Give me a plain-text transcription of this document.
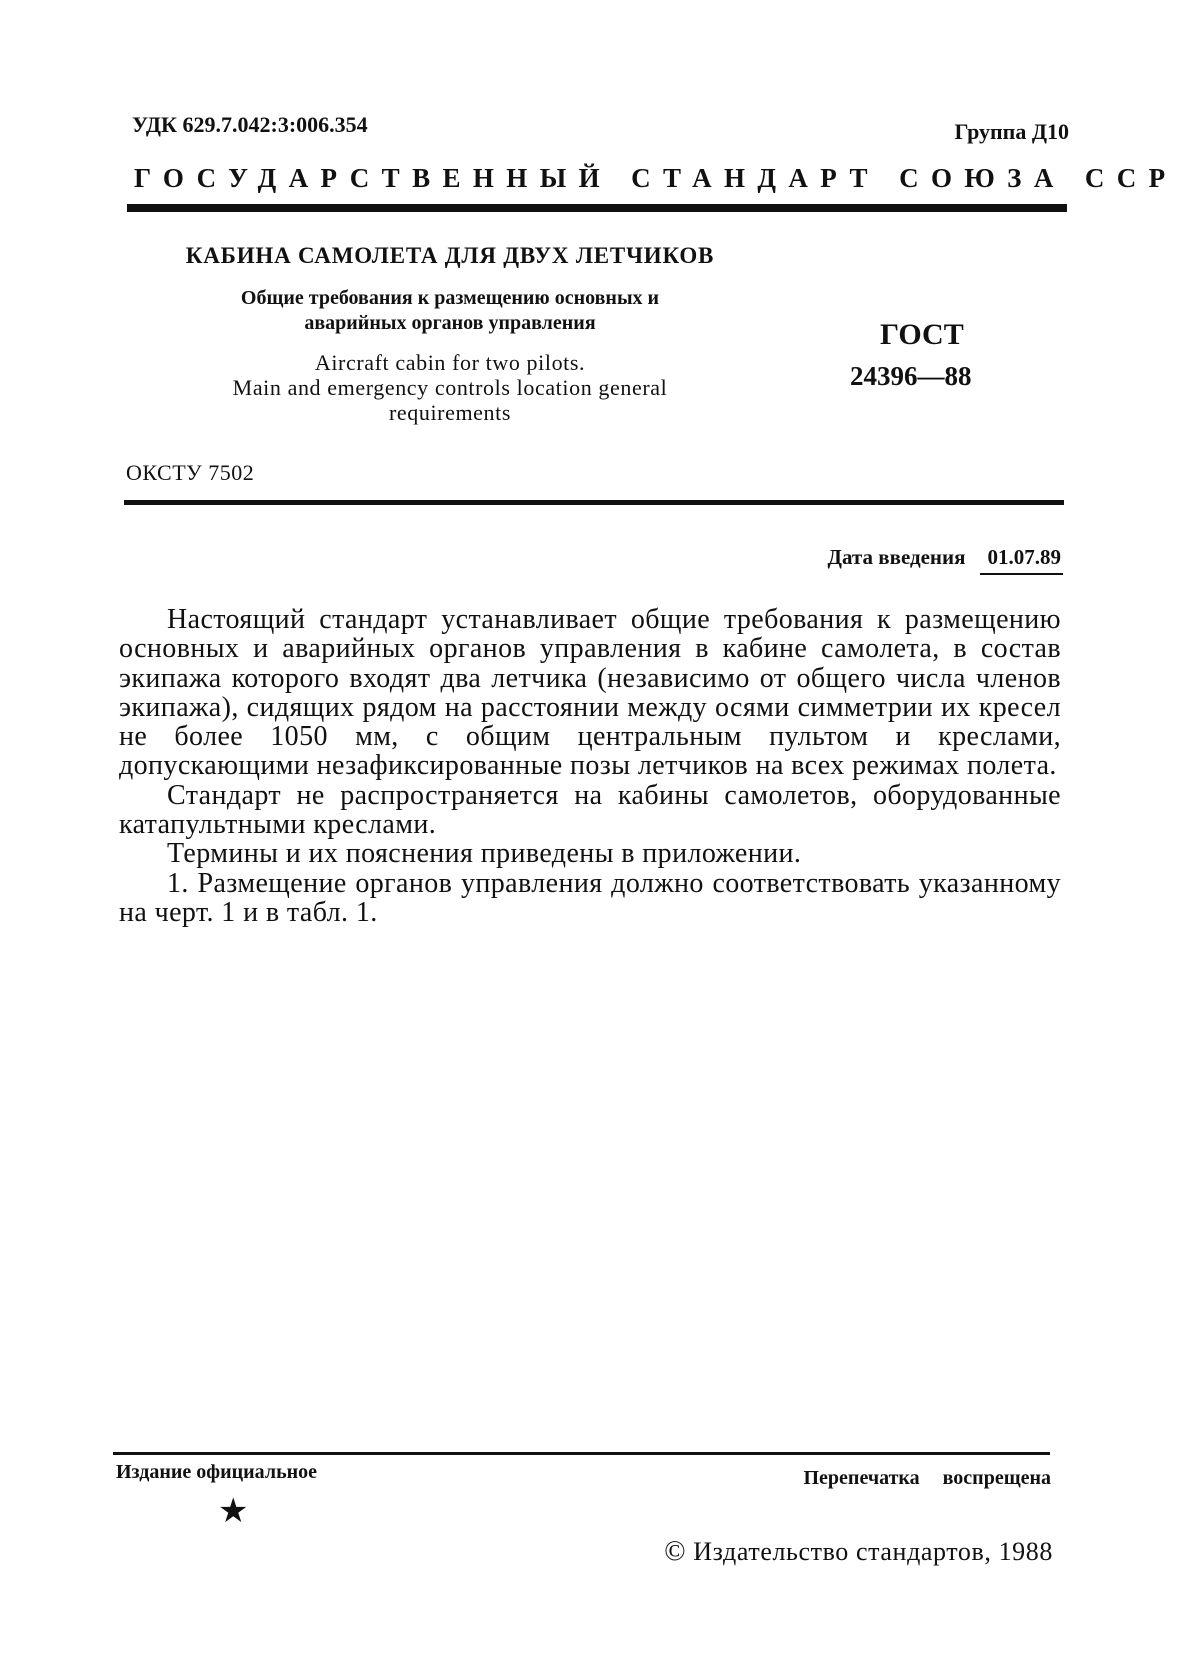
УДК 629.7.042:3:006.354	Группа Д10
ГОСУДАРСТВЕННЫЙ СТАНДАРТ СОЮЗА ССР
КАБИНА САМОЛЕТА ДЛЯ ДВУХ ЛЕТЧИКОВ
Общие требования к размещению основных и
аварийных органов управления
Aircraft cabin for two pilots.
Main and emergency controls location general
requirements
ГОСТ
24396—88
ОКСТУ 7502
Дата введения 01.07.89

Настоящий стандарт устанавливает общие требования к размещению основных и аварийных органов управления в кабине самолета, в состав экипажа которого входят два летчика (независимо от общего числа членов экипажа), сидящих рядом на расстоянии между осями симметрии их кресел не более 1050 мм, с общим центральным пультом и креслами, допускающими незафиксированные позы летчиков на всех режимах полета.

Стандарт не распространяется на кабины самолетов, оборудованные катапультными креслами.

Термины и их пояснения приведены в приложении.

1. Размещение органов управления должно соответствовать указанному на черт. 1 и в табл. 1.

Издание официальное	Перепечатка воспрещена
★
© Издательство стандартов, 1988
